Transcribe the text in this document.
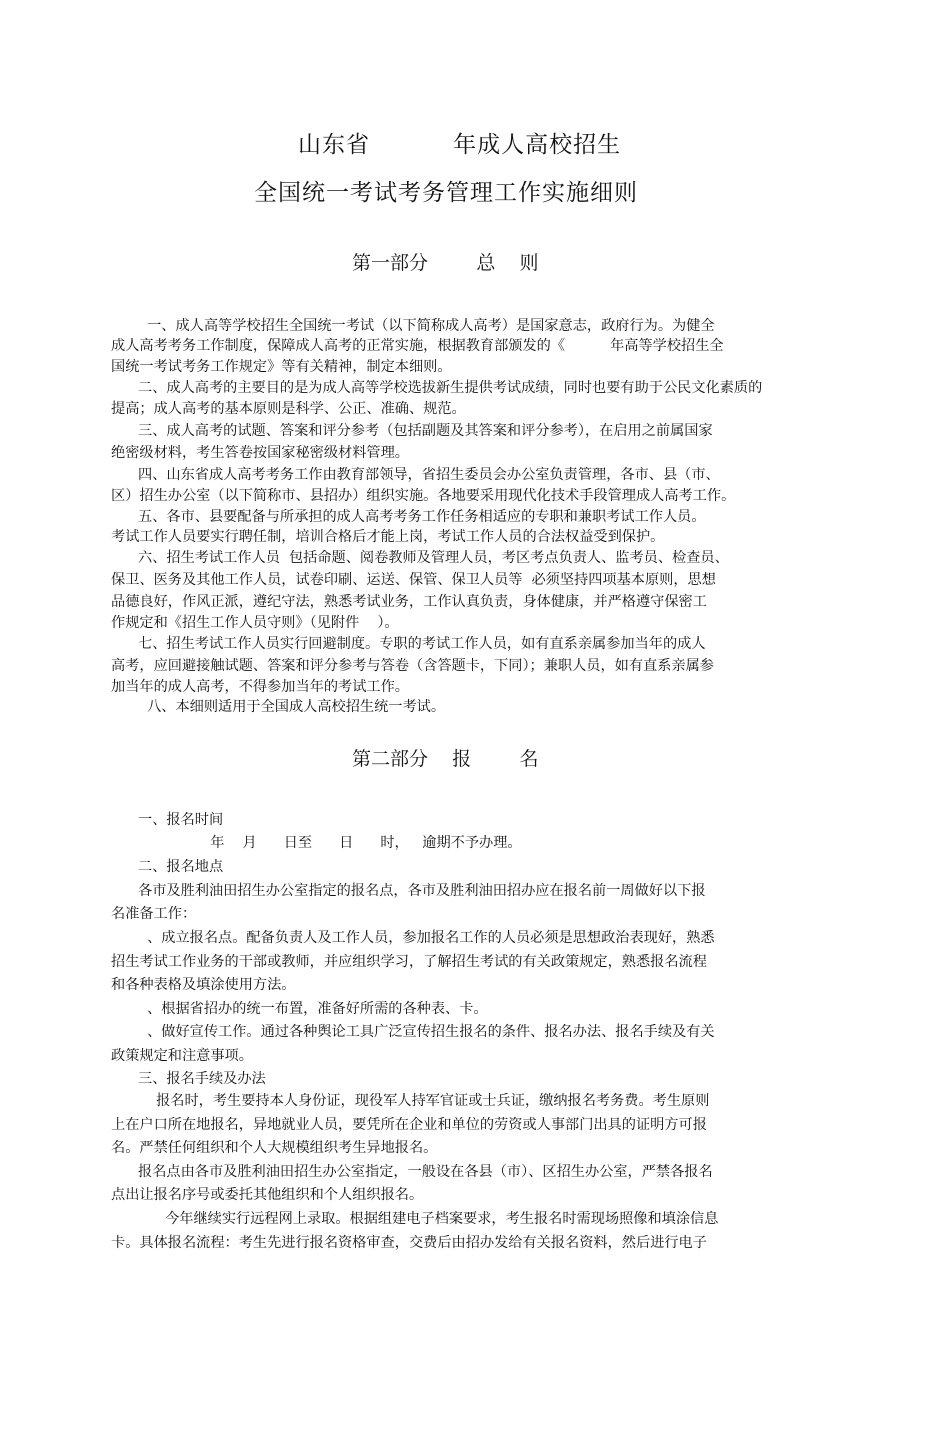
山东省          年成人高校招生

全国统一考试考务管理工作实施细则

第一部分        总    则

一、成人高等学校招生全国统一考试（以下简称成人高考）是国家意志，政府行为。为健全

成人高考考务工作制度，保障成人高考的正常实施，根据教育部颁发的《          年高等学校招生全

国统一考试考务工作规定》等有关精神，制定本细则。

二、成人高考的主要目的是为成人高等学校选拔新生提供考试成绩，同时也要有助于公民文化素质的

提高；成人高考的基本原则是科学、公正、准确、规范。

三、成人高考的试题、答案和评分参考（包括副题及其答案和评分参考），在启用之前属国家

绝密级材料，考生答卷按国家秘密级材料管理。

四、山东省成人高考考务工作由教育部领导，省招生委员会办公室负责管理，各市、县（市、

区）招生办公室（以下简称市、县招办）组织实施。各地要采用现代化技术手段管理成人高考工作。

五、各市、县要配备与所承担的成人高考考务工作任务相适应的专职和兼职考试工作人员。

考试工作人员要实行聘任制，培训合格后才能上岗，考试工作人员的合法权益受到保护。

六、招生考试工作人员  包括命题、阅卷教师及管理人员，考区考点负责人、监考员、检查员、

保卫、医务及其他工作人员，试卷印刷、运送、保管、保卫人员等  必须坚持四项基本原则，思想

品德良好，作风正派，遵纪守法，熟悉考试业务，工作认真负责，身体健康，并严格遵守保密工

作规定和《招生工作人员守则》（见附件    ）。

七、招生考试工作人员实行回避制度。专职的考试工作人员，如有直系亲属参加当年的成人

高考，应回避接触试题、答案和评分参考与答卷（含答题卡，下同）；兼职人员，如有直系亲属参

加当年的成人高考，不得参加当年的考试工作。

八、本细则适用于全国成人高校招生统一考试。

第二部分    报        名

一、报名时间

年    月      日至      日      时，   逾期不予办理。

二、报名地点

各市及胜利油田招生办公室指定的报名点，各市及胜利油田招办应在报名前一周做好以下报

名准备工作：

、成立报名点。配备负责人及工作人员，参加报名工作的人员必须是思想政治表现好，熟悉

招生考试工作业务的干部或教师，并应组织学习，了解招生考试的有关政策规定，熟悉报名流程

和各种表格及填涂使用方法。

、根据省招办的统一布置，准备好所需的各种表、卡。

、做好宣传工作。通过各种舆论工具广泛宣传招生报名的条件、报名办法、报名手续及有关

政策规定和注意事项。

三、报名手续及办法

报名时，考生要持本人身份证，现役军人持军官证或士兵证，缴纳报名考务费。考生原则

上在户口所在地报名，异地就业人员，要凭所在企业和单位的劳资或人事部门出具的证明方可报

名。严禁任何组织和个人大规模组织考生异地报名。

报名点由各市及胜利油田招生办公室指定，一般设在各县（市）、区招生办公室，严禁各报名

点出让报名序号或委托其他组织和个人组织报名。

今年继续实行远程网上录取。根据组建电子档案要求，考生报名时需现场照像和填涂信息

卡。具体报名流程：考生先进行报名资格审查，交费后由招办发给有关报名资料，然后进行电子
